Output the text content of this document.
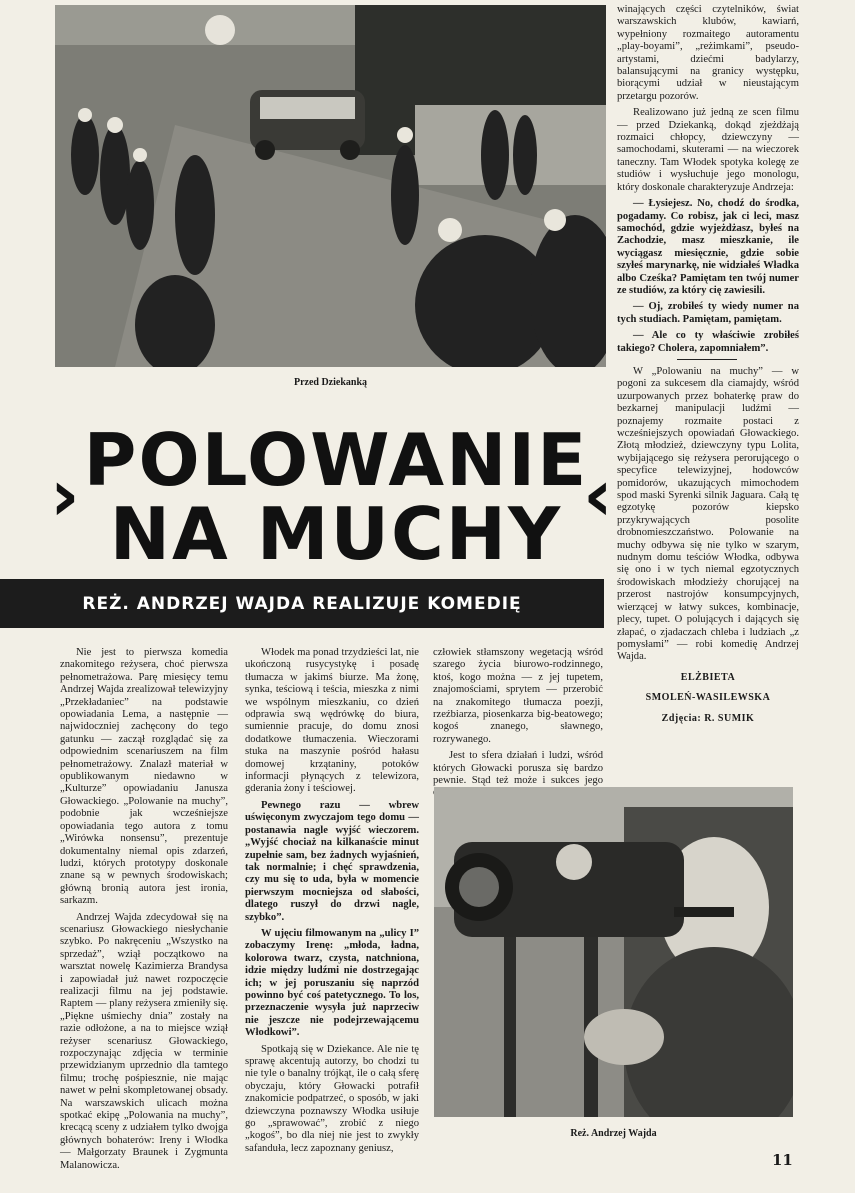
Przed Dziekanką

winających części czytelników, świat warszawskich klubów, kawiarń, wypełniony rozmaitego autoramentu „play-boyami”, „reżimkami”, pseudo-artystami, dziećmi badylarzy, balansującymi na granicy występku, biorącymi udział w nieustającym przetargu pozorów.

Realizowano już jedną ze scen filmu — przed Dziekanką, dokąd zjeżdżają rozmaici chłopcy, dziewczyny — samochodami, skuterami — na wieczorek taneczny. Tam Włodek spotyka kolegę ze studiów i wysłuchuje jego monologu, który doskonale charakteryzuje Andrzeja:

— Łysiejesz. No, chodź do środka, pogadamy. Co robisz, jak ci leci, masz samochód, gdzie wyjeżdżasz, byłeś na Zachodzie, masz mieszkanie, ile wyciągasz miesięcznie, gdzie sobie szyłeś marynarkę, nie widziałeś Władka albo Cześka? Pamiętam ten twój numer ze studiów, za który cię zawiesili.

— Oj, zrobiłeś ty wiedy numer na tych studiach. Pamiętam, pamiętam.

— Ale co ty właściwie zrobiłeś takiego? Cholera, zapomniałem”.

W „Polowaniu na muchy” — w pogoni za sukcesem dla ciamajdy, wśród uzurpowanych przez bohaterkę praw do bezkarnej manipulacji ludźmi — poznajemy rozmaite postaci z wcześniejszych opowiadań Głowackiego. Złotą młodzież, dziewczyny typu Lolita, wybijającego się reżysera perorującego o specyfice telewizyjnej, hodowców pomidorów, ukazujących mimochodem spod maski Syrenki silnik Jaguara. Całą tę egzotykę pozorów kiepsko przykrywających posolite drobnomieszczaństwo. Polowanie na muchy odbywa się nie tylko w szarym, nudnym domu teściów Włodka, odbywa się ono i w tych niemal egzotycznych środowiskach młodzieży chorującej na przerost nastrojów konsumpcyjnych, wierzącej w łatwy sukces, kombinacje, plecy, tupet. O polujących i dających się złapać, o zjadaczach chleba i ludziach „z pomysłami” — robi komedię Andrzej Wajda.

ELŻBIETA
SMOLEŃ-WASILEWSKA
Zdjęcia: R. SUMIK
› POLOWANIE
NA MUCHY ‹
REŻ. ANDRZEJ WAJDA REALIZUJE KOMEDIĘ

Nie jest to pierwsza komedia znakomitego reżysera, choć pierwsza pełnometrażowa. Parę miesięcy temu Andrzej Wajda zrealizował telewizyjny „Przekładaniec” na podstawie opowiadania Lema, a następnie — najwidoczniej zachęcony do tego gatunku — zaczął rozglądać się za odpowiednim scenariuszem na film pełnometrażowy. Znalazł materiał w opublikowanym niedawno w „Kulturze” opowiadaniu Janusza Głowackiego. „Polowanie na muchy”, podobnie jak wcześniejsze opowiadania tego autora z tomu „Wirówka nonsensu”, prezentuje dokumentalny niemal opis zdarzeń, ludzi, których prototypy doskonale znane są w pewnych środowiskach; główną bronią autora jest ironia, sarkazm.

Andrzej Wajda zdecydował się na scenariusz Głowackiego niesłychanie szybko. Po nakręceniu „Wszystko na sprzedaż”, wziął początkowo na warsztat nowelę Kazimierza Brandysa i zapowiadał już nawet rozpoczęcie realizacji filmu na jej podstawie. Raptem — plany reżysera zmieniły się. „Piękne uśmiechy dnia” zostały na razie odłożone, a na to miejsce wziął reżyser scenariusz Głowackiego, rozpoczynając zdjęcia w terminie przewidzianym uprzednio dla tamtego filmu; trochę pośpiesznie, nie mając nawet w pełni skompletowanej obsady. Na warszawskich ulicach można spotkać ekipę „Polowania na muchy”, krecącą sceny z udziałem tylko dwojga głównych bohaterów: Ireny i Włodka — Małgorzaty Braunek i Zygmunta Malanowicza.

Włodek ma ponad trzydzieści lat, nie ukończoną rusycystykę i posadę tłumacza w jakimś biurze. Ma żonę, synka, teściową i teścia, mieszka z nimi we wspólnym mieszkaniu, co dzień odprawia swą wędrówkę do biura, sumiennie pracuje, do domu znosi dodatkowe tłumaczenia. Wieczorami stuka na maszynie pośród hałasu domowej krzątaniny, potoków informacji płynących z telewizora, gderania żony i teściowej.

Pewnego razu — wbrew uświęconym zwyczajom tego domu — postanawia nagle wyjść wieczorem. „Wyjść chociaż na kilkanaście minut zupełnie sam, bez żadnych wyjaśnień, tak normalnie; i chęć sprawdzenia, czy mu się to uda, była w momencie pierwszym mocniejsza od słabości, dlatego ruszył do drzwi nagle, szybko”.

W ujęciu filmowanym na „ulicy I” zobaczymy Irenę: „młoda, ładna, kolorowa twarz, czysta, natchniona, idzie między ludźmi nie dostrzegając ich; w jej poruszaniu się naprzód powinno być coś patetycznego. To los, przeznaczenie wysyła już naprzeciw nie jeszcze nie podejrzewającemu Włodkowi”.

Spotkają się w Dziekance. Ale nie tę sprawę akcentują autorzy, bo chodzi tu nie tyle o banalny trójkąt, ile o całą sferę obyczaju, który Głowacki potrafił znakomicie podpatrzeć, o sposób, w jaki dziewczyna poznawszy Włodka usiłuje go „sprawować”, zrobić z niego „kogoś”, bo dla niej nie jest to zwykły safanduła, lecz zapoznany geniusz,

człowiek stłamszony wegetacją wśród szarego życia biurowo-rodzinnego, ktoś, kogo można — z jej tupetem, znajomościami, sprytem — przerobić na znakomitego tłumacza poezji, rzeźbiarza, piosenkarza big-beatowego; kogoś znanego, sławnego, rozrywanego.

Jest to sfera działań i ludzi, wśród których Głowacki porusza się bardzo pewnie. Stąd też może i sukces jego

Reż. Andrzej Wajda
11
